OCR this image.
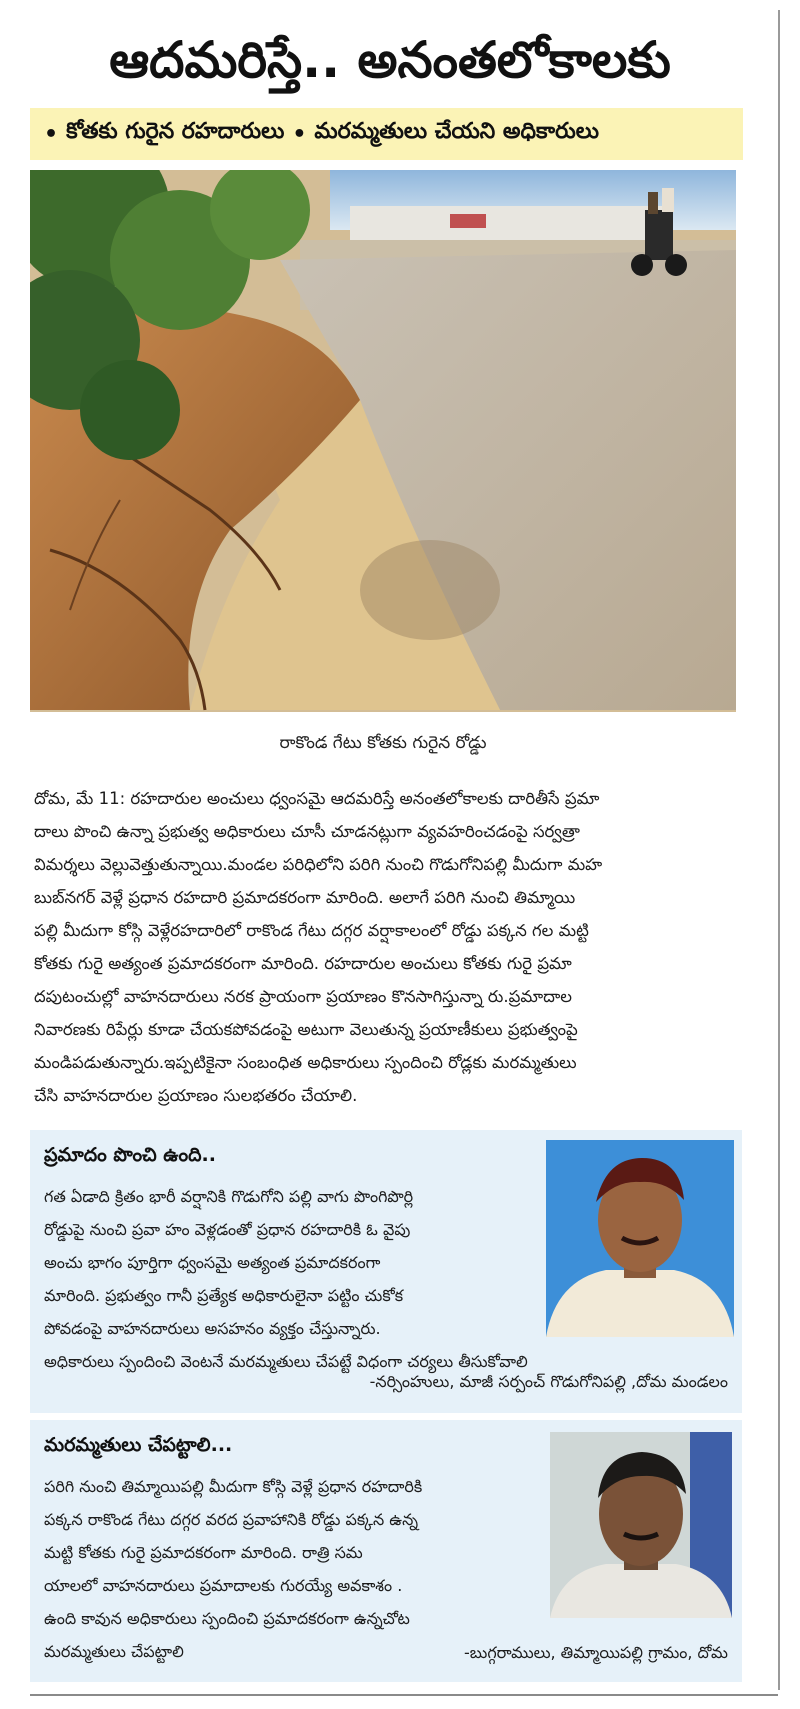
ఆదమరిస్తే.. అనంతలోకాలకు
• కోతకు గురైన రహదారులు • మరమ్మతులు చేయని అధికారులు
రాకొండ గేటు కోతకు గురైన రోడ్డు
దోమ, మే 11: రహదారుల అంచులు ధ్వంసమై ఆదమరిస్తే అనంతలోకాలకు దారితీసే ప్రమా
దాలు పొంచి ఉన్నా ప్రభుత్వ అధికారులు చూసీ చూడనట్లుగా వ్యవహరించడంపై సర్వత్రా
విమర్శలు వెల్లువెత్తుతున్నాయి.మండల పరిధిలోని పరిగి నుంచి గొడుగోనిపల్లి మీదుగా మహ
బుబ్‌నగర్ వెళ్లే ప్రధాన రహదారి ప్రమాదకరంగా మారింది. అలాగే పరిగి నుంచి తిమ్మాయి
పల్లి మీదుగా కోస్గి వెళ్లేరహదారిలో రాకొండ గేటు దగ్గర వర్షాకాలంలో రోడ్డు పక్కన గల మట్టి
కోతకు గురై అత్యంత ప్రమాదకరంగా మారింది. రహదారుల అంచులు కోతకు గురై ప్రమా
దపుటంచుల్లో వాహనదారులు నరక ప్రాయంగా ప్రయాణం కొనసాగిస్తున్నా రు.ప్రమాదాల
నివారణకు రిపేర్లు కూడా చేయకపోవడంపై అటుగా వెలుతున్న ప్రయాణీకులు ప్రభుత్వంపై
మండిపడుతున్నారు.ఇప్పటికైనా సంబంధిత అధికారులు స్పందించి రోడ్లకు మరమ్మతులు
చేసి వాహనదారుల ప్రయాణం సులభతరం చేయాలి.
ప్రమాదం పొంచి ఉంది..
గత ఏడాది క్రితం భారీ వర్షానికి గొడుగోని పల్లి వాగు పొంగిపొర్లి
రోడ్డుపై నుంచి ప్రవా హం వెళ్లడంతో ప్రధాన రహదారికి ఓ వైపు
అంచు భాగం పూర్తిగా ధ్వంసమై అత్యంత ప్రమాదకరంగా
మారింది. ప్రభుత్వం గానీ ప్రత్యేక అధికారులైనా పట్టిం చుకోక
పోవడంపై వాహనదారులు అసహనం వ్యక్తం చేస్తున్నారు.
అధికారులు స్పందించి వెంటనే మరమ్మతులు చేపట్టే విధంగా చర్యలు తీసుకోవాలి
-నర్సింహులు, మాజీ సర్పంచ్ గొడుగోనిపల్లి ,దోమ మండలం
మరమ్మతులు చేపట్టాలి...
పరిగి నుంచి తిమ్మాయిపల్లి మీదుగా కోస్గి వెళ్లే ప్రధాన రహదారికి
పక్కన రాకొండ గేటు దగ్గర వరద ప్రవాహానికి రోడ్డు పక్కన ఉన్న
మట్టి కోతకు గురై ప్రమాదకరంగా మారింది. రాత్రి సమ
యాలలో వాహనదారులు ప్రమాదాలకు గురయ్యే అవకాశం .
ఉంది కావున అధికారులు స్పందించి ప్రమాదకరంగా ఉన్నచోట
మరమ్మతులు చేపట్టాలి	-బుగ్గరాములు, తిమ్మాయిపల్లి గ్రామం, దోమ
